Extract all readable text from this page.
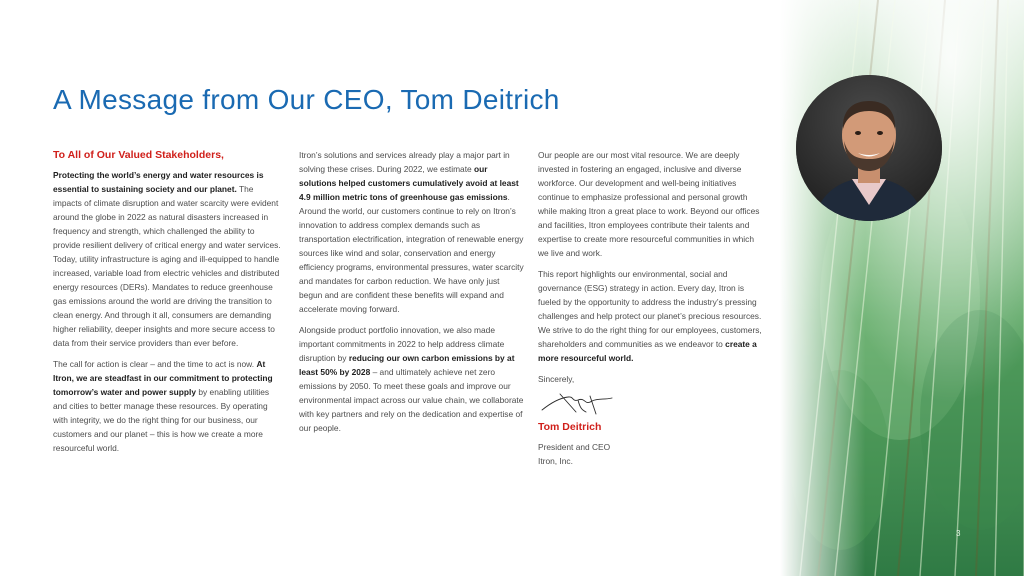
A Message from Our CEO, Tom Deitrich

To All of Our Valued Stakeholders,

Protecting the world’s energy and water resources is essential to sustaining society and our planet. The impacts of climate disruption and water scarcity were evident around the globe in 2022 as natural disasters increased in frequency and strength, which challenged the ability to provide resilient delivery of critical energy and water services. Today, utility infrastructure is aging and ill-equipped to handle increased, variable load from electric vehicles and distributed energy resources (DERs). Mandates to reduce greenhouse gas emissions around the world are driving the transition to clean energy. And through it all, consumers are demanding higher reliability, deeper insights and more secure access to data from their service providers than ever before.

The call for action is clear – and the time to act is now. At Itron, we are steadfast in our commitment to protecting tomorrow’s water and power supply by enabling utilities and cities to better manage these resources. By operating with integrity, we do the right thing for our business, our customers and our planet – this is how we create a more resourceful world.

Itron’s solutions and services already play a major part in solving these crises. During 2022, we estimate our solutions helped customers cumulatively avoid at least 4.9 million metric tons of greenhouse gas emissions. Around the world, our customers continue to rely on Itron’s innovation to address complex demands such as transportation electrification, integration of renewable energy sources like wind and solar, conservation and energy efficiency programs, environmental pressures, water scarcity and mandates for carbon reduction. We have only just begun and are confident these benefits will expand and accelerate moving forward.

Alongside product portfolio innovation, we also made important commitments in 2022 to help address climate disruption by reducing our own carbon emissions by at least 50% by 2028 – and ultimately achieve net zero emissions by 2050. To meet these goals and improve our environmental impact across our value chain, we collaborate with key partners and rely on the dedication and expertise of our people.

Our people are our most vital resource. We are deeply invested in fostering an engaged, inclusive and diverse workforce. Our development and well-being initiatives continue to emphasize professional and personal growth while making Itron a great place to work. Beyond our offices and facilities, Itron employees contribute their talents and expertise to create more resourceful communities in which we live and work.

This report highlights our environmental, social and governance (ESG) strategy in action. Every day, Itron is fueled by the opportunity to address the industry’s pressing challenges and help protect our planet’s precious resources. We strive to do the right thing for our employees, customers, shareholders and communities as we endeavor to create a more resourceful world.

Sincerely,

Tom Deitrich

President and CEO

Itron, Inc.

3
